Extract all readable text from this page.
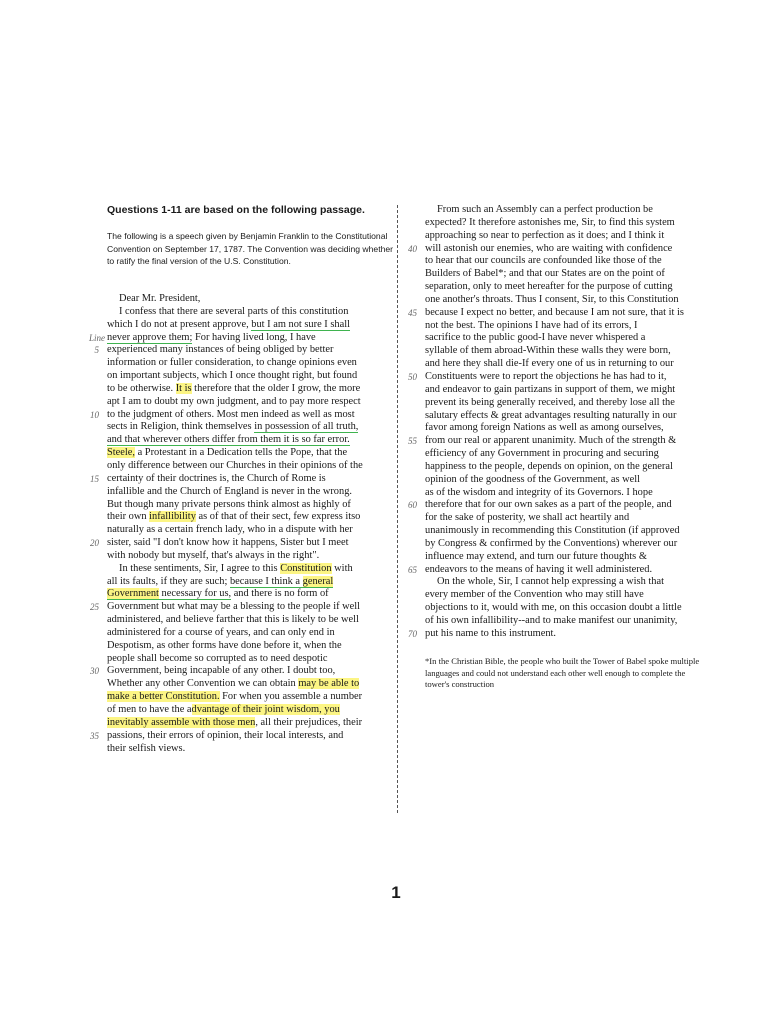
Questions 1-11 are based on the following passage.
The following is a speech given by Benjamin Franklin to the Constitutional Convention on September 17, 1787. The Convention was deciding whether to ratify the final version of the U.S. Constitution.
Dear Mr. President,
I confess that there are several parts of this constitution
which I do not at present approve, but I am not sure I shall
Line never approve them; For having lived long, I have
5 experienced many instances of being obliged by better
information or fuller consideration, to change opinions even
on important subjects, which I once thought right, but found
to be otherwise. It is therefore that the older I grow, the more
apt I am to doubt my own judgment, and to pay more respect
10 to the judgment of others. Most men indeed as well as most
sects in Religion, think themselves in possession of all truth,
and that wherever others differ from them it is so far error.
Steele, a Protestant in a Dedication tells the Pope, that the
only difference between our Churches in their opinions of the
15 certainty of their doctrines is, the Church of Rome is
infallible and the Church of England is never in the wrong.
But though many private persons think almost as highly of
their own infallibility as of that of their sect, few express itso
naturally as a certain french lady, who in a dispute with her
20 sister, said "I don't know how it happens, Sister but I meet
with nobody but myself, that's always in the right".
In these sentiments, Sir, I agree to this Constitution with
all its faults, if they are such; because I think a general
Government necessary for us, and there is no form of
25 Government but what may be a blessing to the people if well
administered, and believe farther that this is likely to be well
administered for a course of years, and can only end in
Despotism, as other forms have done before it, when the
people shall become so corrupted as to need despotic
30 Government, being incapable of any other. I doubt too,
Whether any other Convention we can obtain may be able to
make a better Constitution. For when you assemble a number
of men to have the advantage of their joint wisdom, you
inevitably assemble with those men, all their prejudices, their
35 passions, their errors of opinion, their local interests, and
their selfish views.
From such an Assembly can a perfect production be
expected? It therefore astonishes me, Sir, to find this system
approaching so near to perfection as it does; and I think it
40 will astonish our enemies, who are waiting with confidence
to hear that our councils are confounded like those of the
Builders of Babel*; and that our States are on the point of
separation, only to meet hereafter for the purpose of cutting
one another's throats. Thus I consent, Sir, to this Constitution
45 because I expect no better, and because I am not sure, that it is
not the best. The opinions I have had of its errors, I
sacrifice to the public good-I have never whispered a
syllable of them abroad-Within these walls they were born,
and here they shall die-If every one of us in returning to our
50 Constituents were to report the objections he has had to it,
and endeavor to gain partizans in support of them, we might
prevent its being generally received, and thereby lose all the
salutary effects & great advantages resulting naturally in our
favor among foreign Nations as well as among ourselves,
55 from our real or apparent unanimity. Much of the strength &
efficiency of any Government in procuring and securing
happiness to the people, depends on opinion, on the general
opinion of the goodness of the Government, as well
as of the wisdom and integrity of its Governors. I hope
60 therefore that for our own sakes as a part of the people, and
for the sake of posterity, we shall act heartily and
unanimously in recommending this Constitution (if approved
by Congress & confirmed by the Conventions) wherever our
influence may extend, and turn our future thoughts &
65 endeavors to the means of having it well administered.
On the whole, Sir, I cannot help expressing a wish that
every member of the Convention who may still have
objections to it, would with me, on this occasion doubt a little
of his own infallibility--and to make manifest our unanimity,
70 put his name to this instrument.
*In the Christian Bible, the people who built the Tower of Babel spoke multiple languages and could not understand each other well enough to complete the tower's construction
1
